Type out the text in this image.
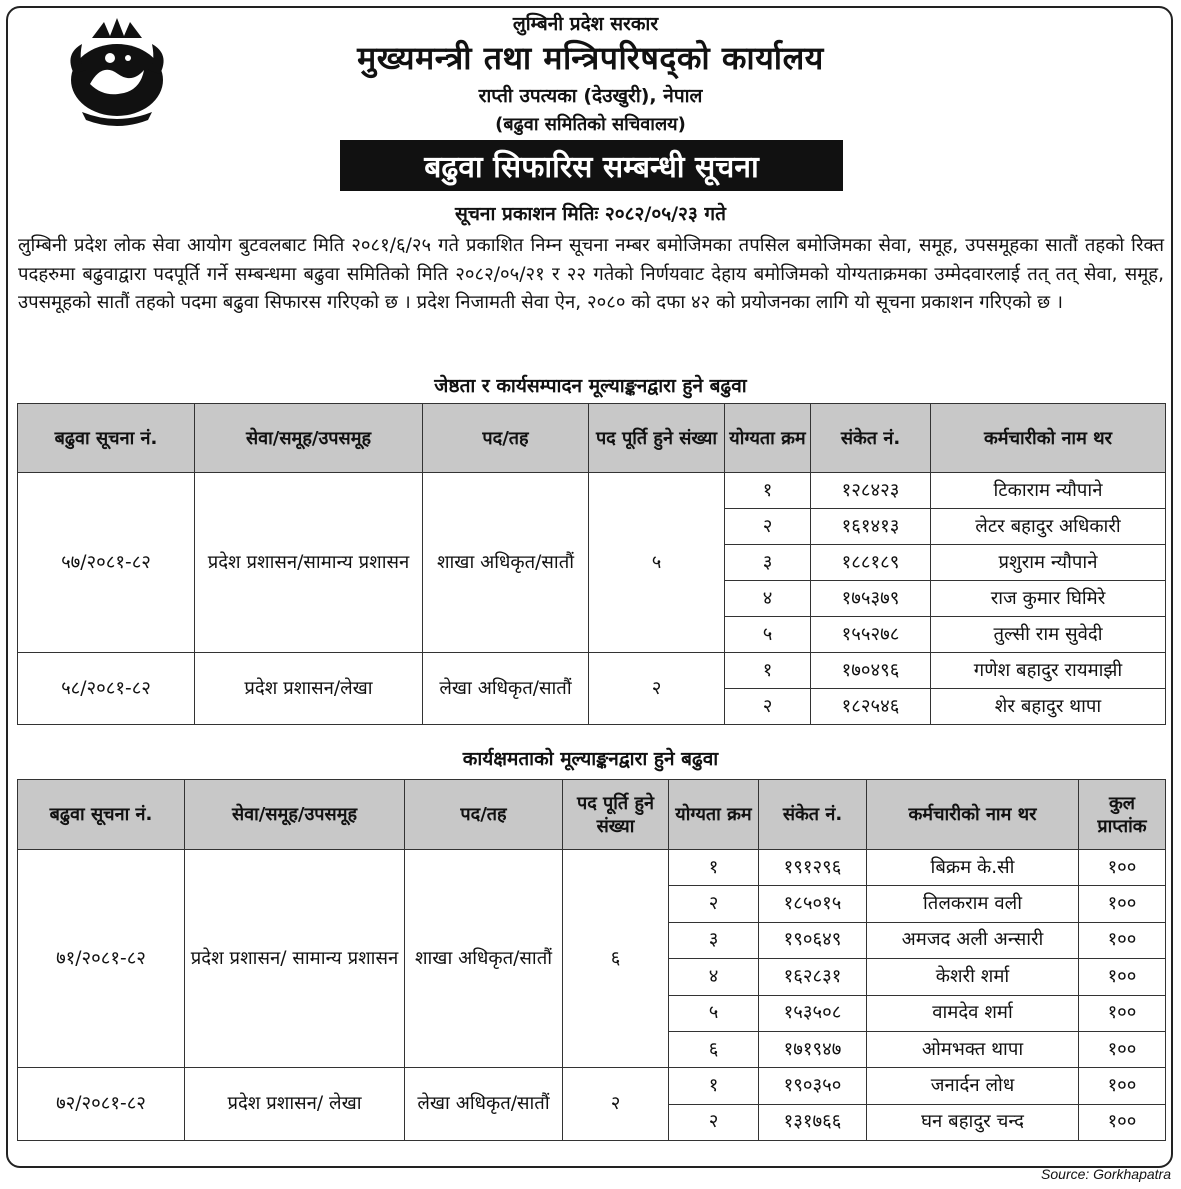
लुम्बिनी प्रदेश सरकार
मुख्यमन्त्री तथा मन्त्रिपरिषद्को कार्यालय
राप्ती उपत्यका (देउखुरी), नेपाल
(बढुवा समितिको सचिवालय)
बढुवा सिफारिस सम्बन्धी सूचना
सूचना प्रकाशन मितिः २०८२/०५/२३ गते
लुम्बिनी प्रदेश लोक सेवा आयोग बुटवलबाट मिति २०८१/६/२५ गते प्रकाशित निम्न सूचना नम्बर बमोजिमका तपसिल बमोजिमका सेवा, समूह, उपसमूहका सातौं तहको रिक्त पदहरुमा बढुवाद्वारा पदपूर्ति गर्ने सम्बन्धमा बढुवा समितिको मिति २०८२/०५/२१ र २२ गतेको निर्णयवाट देहाय बमोजिमको योग्यताक्रमका उम्मेदवारलाई तत् तत् सेवा, समूह, उपसमूहको सातौं तहको पदमा बढुवा सिफारस गरिएको छ । प्रदेश निजामती सेवा ऐन, २०८० को दफा ४२ को प्रयोजनका लागि यो सूचना प्रकाशन गरिएको छ ।
जेष्ठता र कार्यसम्पादन मूल्याङ्कनद्वारा हुने बढुवा
बढुवा सूचना नं.	सेवा/समूह/उपसमूह	पद/तह	पद पूर्ति हुने संख्या	योग्यता क्रम	संकेत नं.	कर्मचारीको नाम थर
५७/२०८१-८२	प्रदेश प्रशासन/सामान्य प्रशासन	शाखा अधिकृत/सातौं	५	१	१२८४२३	टिकाराम न्यौपाने
				२	१६१४१३	लेटर बहादुर अधिकारी
				३	१८८१८९	प्रशुराम न्यौपाने
				४	१७५३७९	राज कुमार घिमिरे
				५	१५५२७८	तुल्सी राम सुवेदी
५८/२०८१-८२	प्रदेश प्रशासन/लेखा	लेखा अधिकृत/सातौं	२	१	१७०४९६	गणेश बहादुर रायमाझी
				२	१८२५४६	शेर बहादुर थापा
कार्यक्षमताको मूल्याङ्कनद्वारा हुने बढुवा
बढुवा सूचना नं.	सेवा/समूह/उपसमूह	पद/तह	पद पूर्ति हुने संख्या	योग्यता क्रम	संकेत नं.	कर्मचारीको नाम थर	कुल प्राप्तांक
७१/२०८१-८२	प्रदेश प्रशासन/ सामान्य प्रशासन	शाखा अधिकृत/सातौं	६	१	१९१२९६	बिक्रम के.सी	१००
				२	१८५०१५	तिलकराम वली	१००
				३	१९०६४९	अमजद अली अन्सारी	१००
				४	१६२८३१	केशरी शर्मा	१००
				५	१५३५०८	वामदेव शर्मा	१००
				६	१७१९४७	ओमभक्त थापा	१००
७२/२०८१-८२	प्रदेश प्रशासन/ लेखा	लेखा अधिकृत/सातौं	२	१	१९०३५०	जनार्दन लोध	१००
				२	१३१७६६	घन बहादुर चन्द	१००
Source: Gorkhapatra
